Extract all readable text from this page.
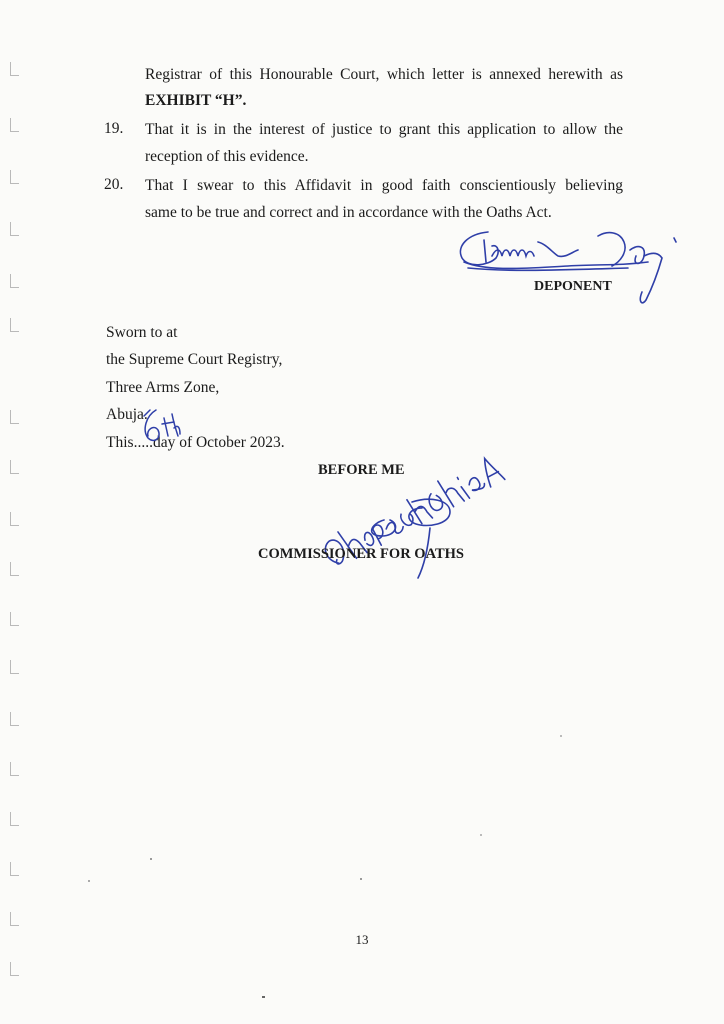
Registrar of this Honourable Court, which letter is annexed herewith as
EXHIBIT “H”.
19. That it is in the interest of justice to grant this application to allow the
reception of this evidence.
20. That I swear to this Affidavit in good faith conscientiously believing
same to be true and correct and in accordance with the Oaths Act.
DEPONENT
Sworn to at
the Supreme Court Registry,
Three Arms Zone,
Abuja.
This.....day of October 2023.
BEFORE ME
COMMISSIONER FOR OATHS
13
